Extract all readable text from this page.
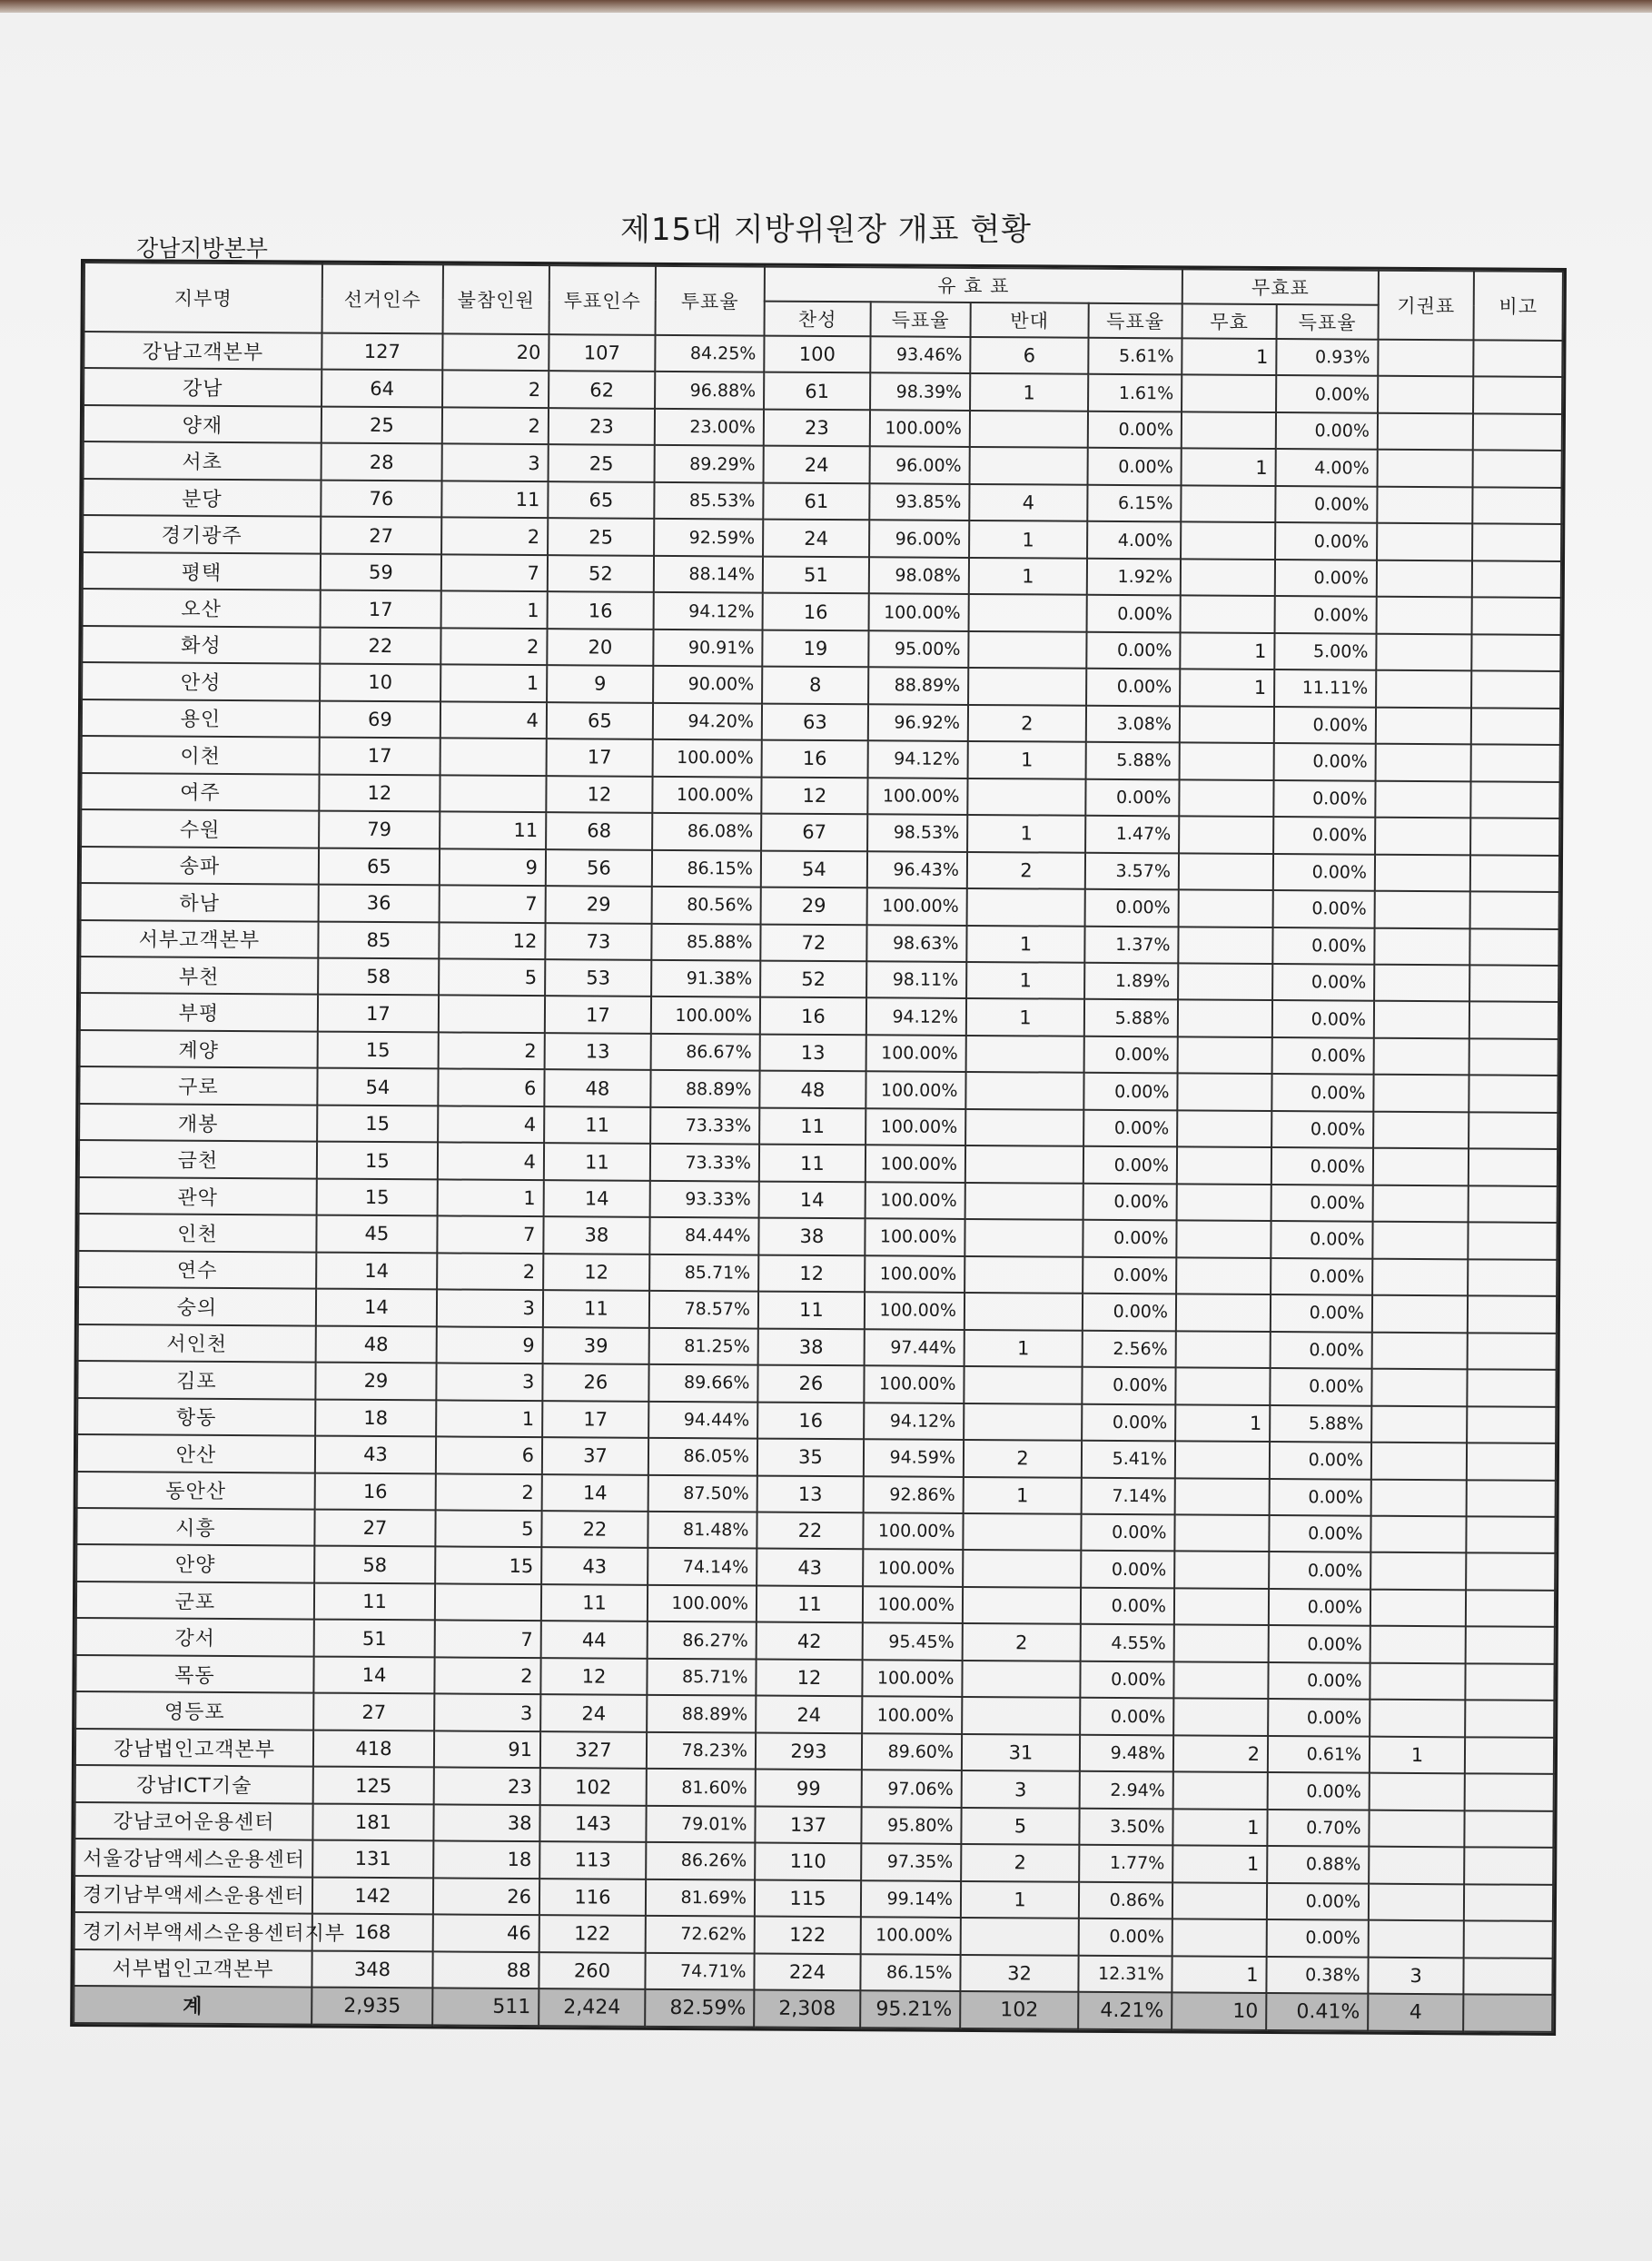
제15대 지방위원장 개표 현황
강남지방본부
지부명	선거인수	불참인원	투표인수	투표율	유 효 표				무효표		기권표	비고
					찬성	득표율	반대	득표율	무효	득표율		
강남고객본부	127	20	107	84.25%	100	93.46%	6	5.61%	1	0.93%		
강남	64	2	62	96.88%	61	98.39%	1	1.61%		0.00%		
양재	25	2	23	23.00%	23	100.00%		0.00%		0.00%		
서초	28	3	25	89.29%	24	96.00%		0.00%	1	4.00%		
분당	76	11	65	85.53%	61	93.85%	4	6.15%		0.00%		
경기광주	27	2	25	92.59%	24	96.00%	1	4.00%		0.00%		
평택	59	7	52	88.14%	51	98.08%	1	1.92%		0.00%		
오산	17	1	16	94.12%	16	100.00%		0.00%		0.00%		
화성	22	2	20	90.91%	19	95.00%		0.00%	1	5.00%		
안성	10	1	9	90.00%	8	88.89%		0.00%	1	11.11%		
용인	69	4	65	94.20%	63	96.92%	2	3.08%		0.00%		
이천	17		17	100.00%	16	94.12%	1	5.88%		0.00%		
여주	12		12	100.00%	12	100.00%		0.00%		0.00%		
수원	79	11	68	86.08%	67	98.53%	1	1.47%		0.00%		
송파	65	9	56	86.15%	54	96.43%	2	3.57%		0.00%		
하남	36	7	29	80.56%	29	100.00%		0.00%		0.00%		
서부고객본부	85	12	73	85.88%	72	98.63%	1	1.37%		0.00%		
부천	58	5	53	91.38%	52	98.11%	1	1.89%		0.00%		
부평	17		17	100.00%	16	94.12%	1	5.88%		0.00%		
계양	15	2	13	86.67%	13	100.00%		0.00%		0.00%		
구로	54	6	48	88.89%	48	100.00%		0.00%		0.00%		
개봉	15	4	11	73.33%	11	100.00%		0.00%		0.00%		
금천	15	4	11	73.33%	11	100.00%		0.00%		0.00%		
관악	15	1	14	93.33%	14	100.00%		0.00%		0.00%		
인천	45	7	38	84.44%	38	100.00%		0.00%		0.00%		
연수	14	2	12	85.71%	12	100.00%		0.00%		0.00%		
숭의	14	3	11	78.57%	11	100.00%		0.00%		0.00%		
서인천	48	9	39	81.25%	38	97.44%	1	2.56%		0.00%		
김포	29	3	26	89.66%	26	100.00%		0.00%		0.00%		
항동	18	1	17	94.44%	16	94.12%		0.00%	1	5.88%		
안산	43	6	37	86.05%	35	94.59%	2	5.41%		0.00%		
동안산	16	2	14	87.50%	13	92.86%	1	7.14%		0.00%		
시흥	27	5	22	81.48%	22	100.00%		0.00%		0.00%		
안양	58	15	43	74.14%	43	100.00%		0.00%		0.00%		
군포	11		11	100.00%	11	100.00%		0.00%		0.00%		
강서	51	7	44	86.27%	42	95.45%	2	4.55%		0.00%		
목동	14	2	12	85.71%	12	100.00%		0.00%		0.00%		
영등포	27	3	24	88.89%	24	100.00%		0.00%		0.00%		
강남법인고객본부	418	91	327	78.23%	293	89.60%	31	9.48%	2	0.61%	1	
강남ICT기술	125	23	102	81.60%	99	97.06%	3	2.94%		0.00%		
강남코어운용센터	181	38	143	79.01%	137	95.80%	5	3.50%	1	0.70%		
서울강남액세스운용센터	131	18	113	86.26%	110	97.35%	2	1.77%	1	0.88%		
경기남부액세스운용센터	142	26	116	81.69%	115	99.14%	1	0.86%		0.00%		
경기서부액세스운용센터지부	168	46	122	72.62%	122	100.00%		0.00%		0.00%		
서부법인고객본부	348	88	260	74.71%	224	86.15%	32	12.31%	1	0.38%	3	
계	2,935	511	2,424	82.59%	2,308	95.21%	102	4.21%	10	0.41%	4	
